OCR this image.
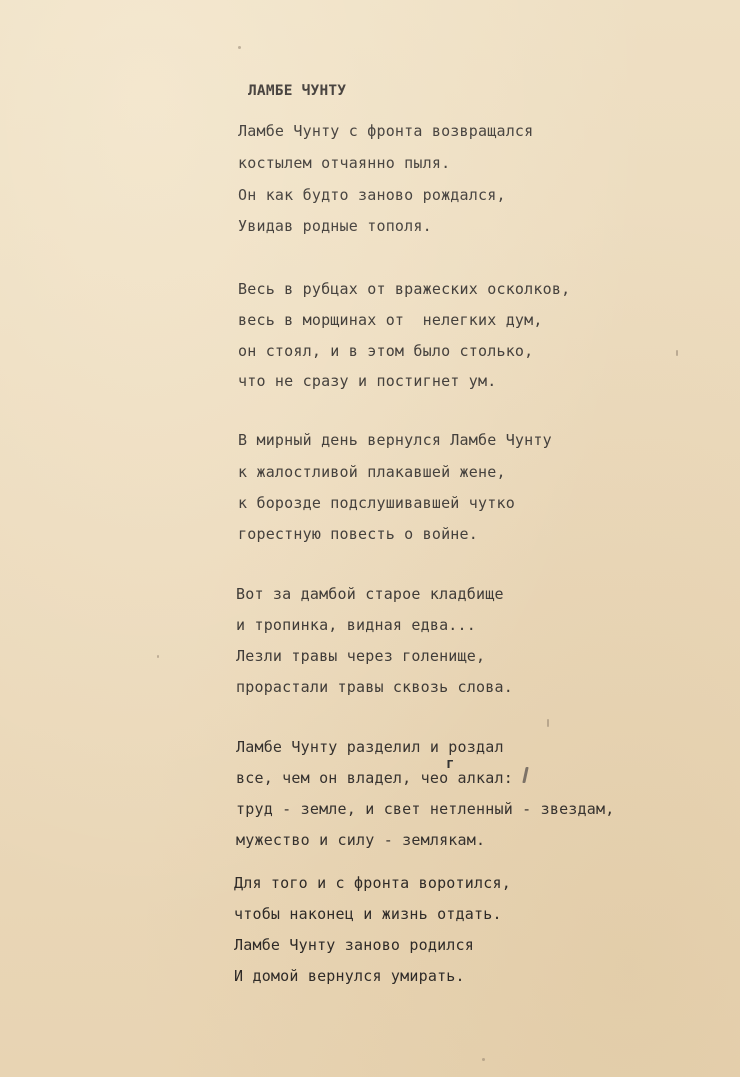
ЛАМБЕ ЧУНТУ
Ламбе Чунту с фронта возвращался
костылем отчаянно пыля.
Он как будто заново рождался,
Увидав родные тополя.
Весь в рубцах от вражеских осколков,
весь в морщинах от  нелегких дум,
он стоял, и в этом было столько,
что не сразу и постигнет ум.
В мирный день вернулся Ламбе Чунту
к жалостливой плакавшей жене,
к борозде подслушивавшей чутко
горестную повесть о войне.
Вот за дамбой старое кладбище
и тропинка, видная едва...
Лезли травы через голенище,
прорастали травы сквозь слова.
Ламбе Чунту разделил и роздал
г
все, чем он владел, чео алкал:
труд - земле, и свет нетленный - звездам,
мужество и силу - землякам.
Для того и с фронта воротился,
чтобы наконец и жизнь отдать.
Ламбе Чунту заново родился
И домой вернулся умирать.
